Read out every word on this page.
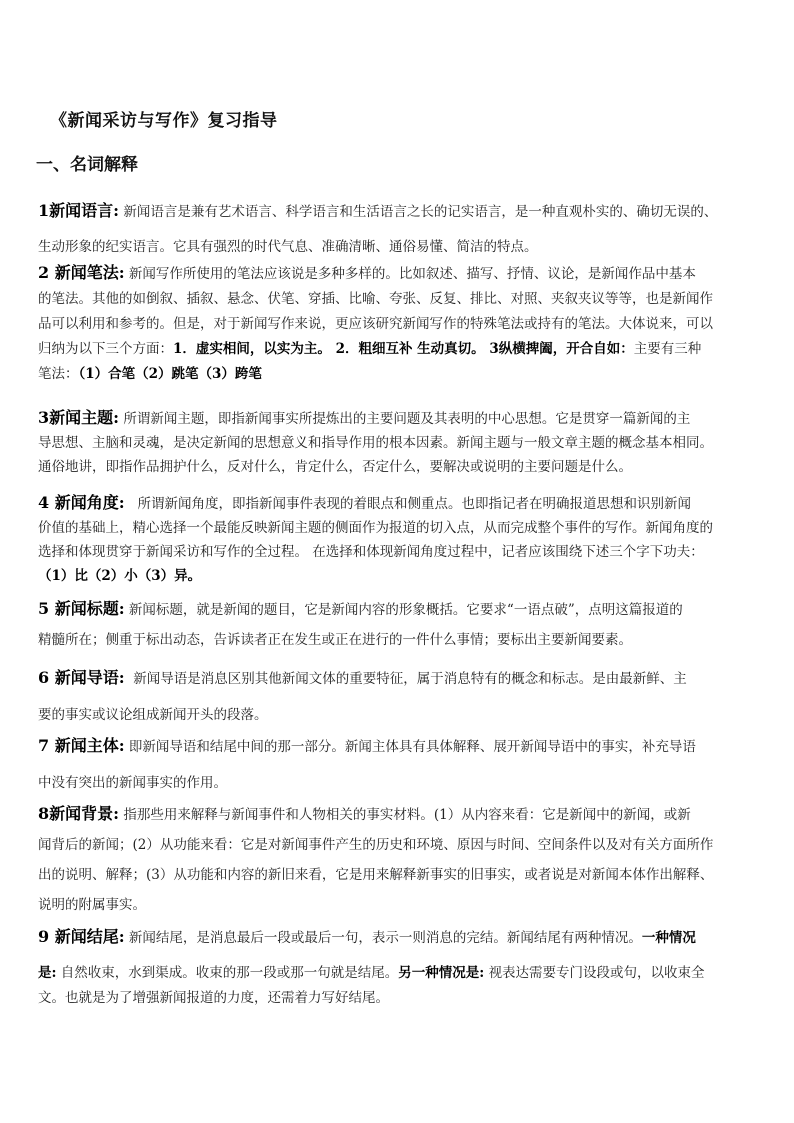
《新闻采访与写作》复习指导
一、名词解释
1新闻语言: 新闻语言是兼有艺术语言、科学语言和生活语言之长的记实语言，是一种直观朴实的、确切无误的、
生动形象的纪实语言。它具有强烈的时代气息、准确清晰、通俗易懂、简洁的特点。
2 新闻笔法: 新闻写作所使用的笔法应该说是多种多样的。比如叙述、描写、抒情、议论，是新闻作品中基本
的笔法。其他的如倒叙、插叙、悬念、伏笔、穿插、比喻、夸张、反复、排比、对照、夹叙夹议等等，也是新闻作
品可以利用和参考的。但是，对于新闻写作来说，更应该研究新闻写作的特殊笔法或持有的笔法。大体说来，可以
归纳为以下三个方面：1．虚实相间，以实为主。 2．粗细互补 生动真切。 3纵横捭阖，开合自如：主要有三种
笔法：（1）合笔（2）跳笔（3）跨笔
3新闻主题: 所谓新闻主题，即指新闻事实所提炼出的主要问题及其表明的中心思想。它是贯穿一篇新闻的主
导思想、主脑和灵魂，是决定新闻的思想意义和指导作用的根本因素。新闻主题与一般文章主题的概念基本相同。
通俗地讲，即指作品拥护什么，反对什么，肯定什么，否定什么，要解决或说明的主要问题是什么。
4 新闻角度: 所谓新闻角度，即指新闻事件表现的着眼点和侧重点。也即指记者在明确报道思想和识别新闻
价值的基础上，精心选择一个最能反映新闻主题的侧面作为报道的切入点，从而完成整个事件的写作。新闻角度的
选择和体现贯穿于新闻采访和写作的全过程。 在选择和体现新闻角度过程中，记者应该围绕下述三个字下功夫：
（1）比（2）小（3）异。
5 新闻标题: 新闻标题，就是新闻的题目，它是新闻内容的形象概括。它要求“一语点破”，点明这篇报道的
精髓所在；侧重于标出动态，告诉读者正在发生或正在进行的一件什么事情；要标出主要新闻要素。
6 新闻导语: 新闻导语是消息区别其他新闻文体的重要特征，属于消息特有的概念和标志。是由最新鲜、主
要的事实或议论组成新闻开头的段落。
7 新闻主体: 即新闻导语和结尾中间的那一部分。新闻主体具有具体解释、展开新闻导语中的事实，补充导语
中没有突出的新闻事实的作用。
8新闻背景: 指那些用来解释与新闻事件和人物相关的事实材料。(1）从内容来看：它是新闻中的新闻，或新
闻背后的新闻；(2）从功能来看：它是对新闻事件产生的历史和环境、原因与时间、空间条件以及对有关方面所作
出的说明、解释；(3）从功能和内容的新旧来看，它是用来解释新事实的旧事实，或者说是对新闻本体作出解释、
说明的附属事实。
9 新闻结尾: 新闻结尾，是消息最后一段或最后一句，表示一则消息的完结。新闻结尾有两种情况。一种情况
是: 自然收束，水到渠成。收束的那一段或那一句就是结尾。另一种情况是: 视表达需要专门设段或句，以收束全
文。也就是为了增强新闻报道的力度，还需着力写好结尾。
